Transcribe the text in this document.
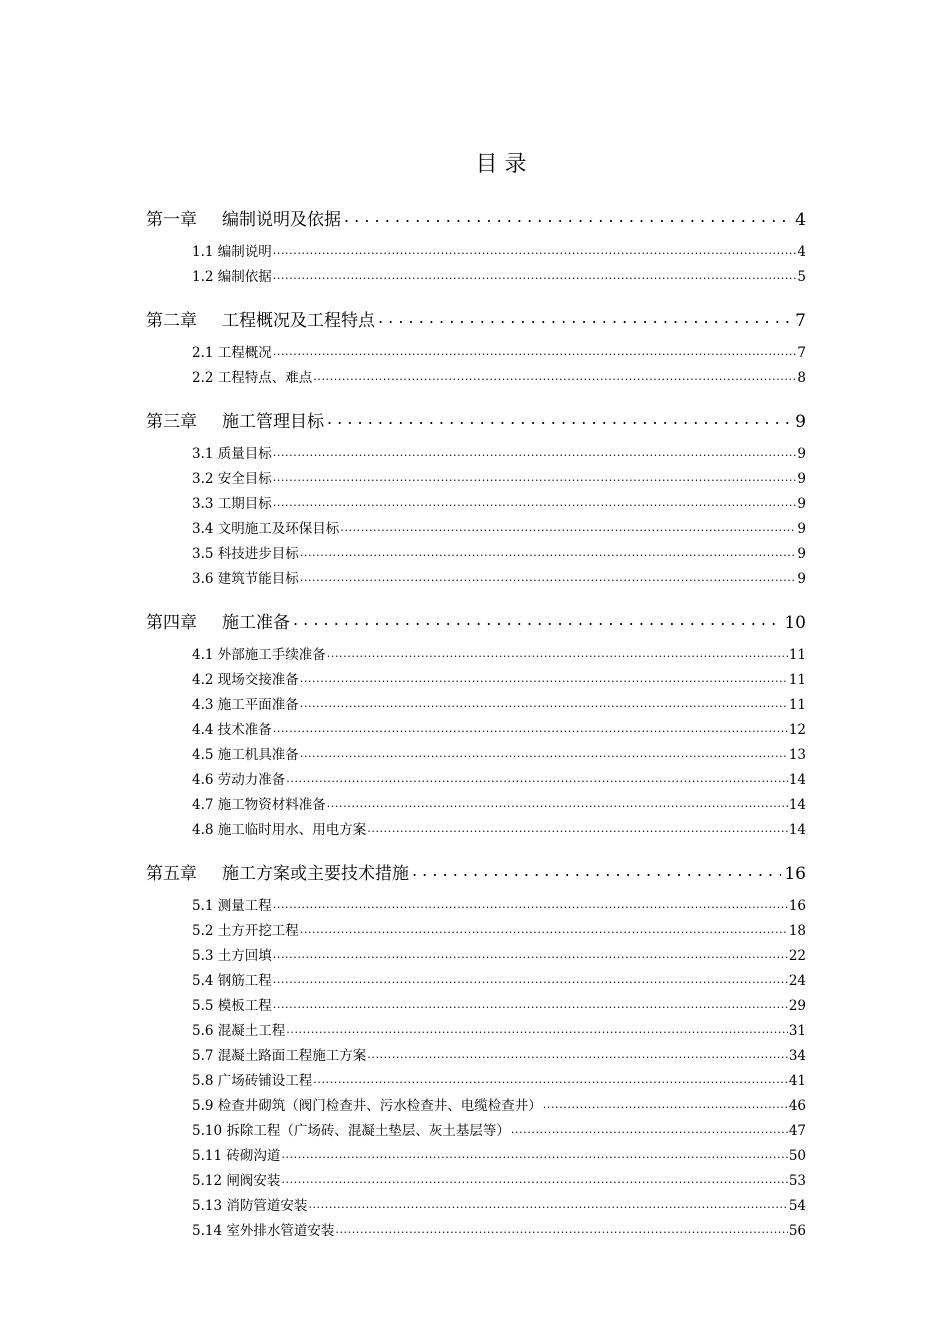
目 录
第一章	编制说明及依据 . . .	4
1.1 编制说明 .....	4
1.2 编制依据 .....	5
第二章	工程概况及工程特点 . . .	7
2.1 工程概况 .....	7
2.2 工程特点、难点 .....	8
第三章	施工管理目标 . . .	9
3.1 质量目标 .....	9
3.2 安全目标 .....	9
3.3 工期目标 .....	9
3.4 文明施工及环保目标 .....	9
3.5 科技进步目标 .....	9
3.6 建筑节能目标 .....	9
第四章	施工准备 . . .	10
4.1 外部施工手续准备 .....	11
4.2 现场交接准备 .....	11
4.3 施工平面准备 .....	11
4.4 技术准备 .....	12
4.5 施工机具准备 .....	13
4.6 劳动力准备 .....	14
4.7 施工物资材料准备 .....	14
4.8 施工临时用水、用电方案 .....	14
第五章	施工方案或主要技术措施 . . .	16
5.1 测量工程 .....	16
5.2 土方开挖工程 .....	18
5.3 土方回填 .....	22
5.4 钢筋工程 .....	24
5.5 模板工程 .....	29
5.6 混凝土工程 .....	31
5.7 混凝土路面工程施工方案 .....	34
5.8 广场砖铺设工程 .....	41
5.9 检查井砌筑（阀门检查井、污水检查井、电缆检查井） .....	46
5.10 拆除工程（广场砖、混凝土垫层、灰土基层等） .....	47
5.11 砖砌沟道 .....	50
5.12 闸阀安装 .....	53
5.13 消防管道安装 .....	54
5.14 室外排水管道安装 .....	56
